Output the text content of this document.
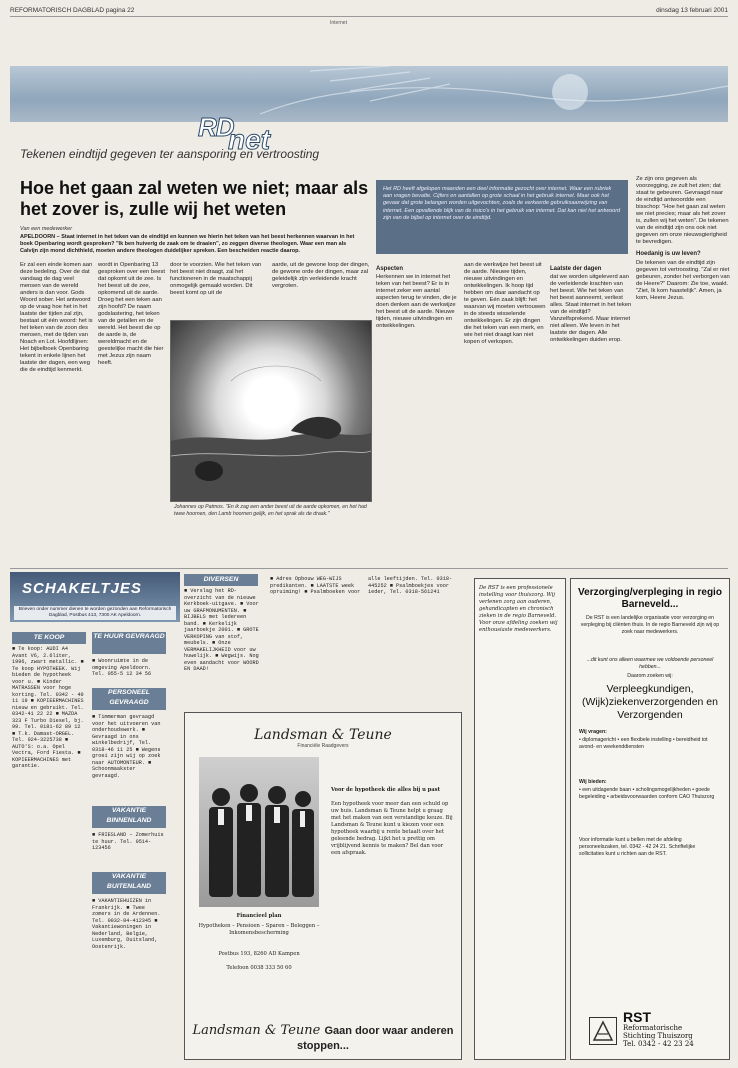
REFORMATORISCH DAGBLAD pagina 22	dinsdag 13 februari 2001
Internet
RD
net
Tekenen eindtijd gegeven ter aansporing en vertroosting
Hoe het gaan zal weten we niet; maar als het zover is, zulle wij het weten
Van een medewerker
APELDOORN – Staat internet in het teken van de eindtijd en kunnen we hierin het teken van het beest herkennen waarvan in het boek Openbaring wordt gesproken? "Ik ben huiverig de zaak om te draaien", zo zeggen diverse theologen. Waar een man als Calvijn zijn mond dichthield, moeten andere theologen duidelijker spreken. Een bescheiden reactie daarop.
Het RD heeft afgelopen maanden een deel informatie gezocht over internet. Waar een rubriek aan vragen bevatte. Cijfers en aantallen op grote schaal in het gebruik internet. Maar ook het gevaar dat grote belangen worden uitgevochten, zoals de verkeerde gebruiksaanwijzing van internet. Een opvallende blijk van de risico's in het gebruik van internet. Dat kan niet het antwoord zijn van de bijbel op internet over de eindtijd.
Ze zijn ons gegeven als voorzegging, ze zult het zien; dat staat te gebeuren. Gevraagd naar de eindtijd antwoordde een bisschop: "Hoe het gaan zal weten we niet precies; maar als het zover is, zullen wij het weten". De tekenen van de eindtijd zijn ons ook niet gegeven om onze nieuwsgierigheid te bevredigen.
Hoedanig is uw leven?
De tekenen van de eindtijd zijn gegeven tot vertroosting. "Zal er niet gebeuren, zonder het verborgen van de Heere?" Daarom: Zie toe, waakt. "Ziet, Ik kom haastelijk". Amen, ja kom, Heere Jezus.
Er zal een einde komen aan deze bedeling. Over de dat vandaag de dag veel mensen van de wereld anders is dan voor. Gods Woord sober. Het antwoord op de vraag hoe het in het laatste der tijden zal zijn, bestaat uit één woord: het is het teken van de zoon des mensen, met de tijden van Noach en Lot. Hoofdlijnen: Het bijbelboek Openbaring tekent in enkele lijnen het laatste der dagen, een weg die de eindtijd kenmerkt.
wordt in Openbaring 13 gesproken over een beest dat opkomt uit de zee. Is het beest uit de zee, opkomend uit de aarde. Droeg het een teken aan zijn hoofd? De naam godslastering, het teken van de getallen en de wereld. Het beest die op de aarde is, de wereldmacht en de geestelijke macht die hier met Jezus zijn naam heeft.
door te voorzien. Wie het teken van het beest niet draagt, zal het functioneren in de maatschappij onmogelijk gemaakt worden. Dit beest komt op uit de
aarde, uit de gewone loop der dingen, de gewone orde der dingen, maar zal geleidelijk zijn verleidende kracht vergroten.
Aspecten
Herkennen we in internet het teken van het beest? Er is in internet zeker een aantal aspecten terug te vinden, die je doen denken aan de werkwijze het beest uit de aarde. Nieuwe tijden, nieuwe uitvindingen en ontwikkelingen.
aan de werkwijze het beest uit de aarde. Nieuwe tijden, nieuwe uitvindingen en ontwikkelingen. Ik hoop tijd hebben om daar aandacht op te geven. Eén zaak blijft: het waarvan wij moeten vertrouwen in de steeds wisselende ontwikkelingen. Er zijn dingen die het teken van een merk, en wie het niet draagt kan niet kopen of verkopen.
Laatste der dagen
dat we worden uitgeleverd aan de verleidende krachten van het beest. Wie het teken van het beest aanneemt, verliest alles. Staat internet in het teken van de eindtijd? Vanzelfsprekend. Maar internet niet alleen. We leven in het laatste der dagen. Alle ontwikkelingen duiden erop.
Johannes op Patmos. "En ik zag een ander beest uit de aarde opkomen, en het had twee hoornen, den Lamb hoornen gelijk, en het sprak als de draak."
SCHAKELTJES
Brieven onder nummer dienen te worden gezonden aan Reformatorisch Dagblad, Postbus 413, 7300 AK Apeldoorn.
TE KOOP
■ Te koop: AUDI A4 Avant V6, 2.6liter, 1996, zwart metallic. ■ Te koop HYPOTHEEK. Wij bieden de hypotheek voor u. ■ Kinder MATRASSEN voor hoge korting. Tel. 0342 - 40 11 19 ■ KOPIEERMACHINES nieuw en gebruikt. Tel. 0342-41 22 22 ■ MAZDA 323 F Turbo Diesel, bj. 99. Tel. 0181-62 89 12 ■ T.k. Damast-ORGEL. Tel. 024-3225738 ■ AUTO'S: o.a. Opel Vectra, Ford Fiesta. ■ KOPIEERMACHINES met garantie.
TE HUUR GEVRAAGD
■ Woonruimte in de omgeving Apeldoorn. Tel. 055-5 12 34 56
PERSONEEL GEVRAAGD
■ Timmerman gevraagd voor het uitvoeren van onderhoudswerk. ■ Gevraagd in ons winkelbedrijf, Tel. 0318-46 11 25 ■ Wegens groei zijn wij op zoek naar AUTOMONTEUR. ■ Schoonmaakster gevraagd.
VAKANTIE BINNENLAND
■ FRIESLAND – Zomerhuis te huur. Tel. 0514-123456
VAKANTIE BUITENLAND
■ VAKANTIEHUIZEN in Frankrijk. ■ Twee zomers in de Ardennen. Tel. 0032-84-412345 ■ Vakantiewoningen in Nederland, Belgie, Luxemburg, Duitsland, Oostenrijk.
DIVERSEN
■ Verslag het RD-overzicht van de nieuwe Kerkboek-uitgave. ■ Voor uw GRAFMONUMENTEN. ■ BIJBELS met ledereen band. ■ Kerkelijk jaarboekje 2001. ■ GROTE VERKOPING van stof, meubels. ■ Onze VERMAKELIJKHEID voor uw huwelijk. ■ Wegwijs. Nog even aandacht voor WOORD EN DAAD!
■ Adres Opbouw WEG-WIJS predikanten. ■ LAATSTE week opruiming! ■ Psalmboeken voor alle leeftijden. Tel. 0318-445252 ■ Psalmboekjes voor ieder, Tel. 0318-561241
Landsman & Teune
Financiële Raadgevers
Financieel plan
Hypotheken – Pensioen – Sparen – Beleggen – Inkomensbescherming
Postbus 193, 8260 AD Kampen
Telefoon 0038 333 50 60
Voor de hypotheek die alles bij u past
Een hypotheek voor meer dan een schuld op uw huis. Landsman & Teune helpt u graag met het maken van een verstandige keuze. Bij Landsman & Teune kunt u kiezen voor een hypotheek waarbij u rente betaalt over het geleende bedrag. Lijkt het u prettig om vrijblijvend kennis te maken? Bel dan voor een afspraak.
Landsman & Teune Gaan door waar anderen stoppen...
De RST is een professionele instelling voor thuiszorg. Wij verlenen zorg aan ouderen, gehandicapten en chronisch zieken in de regio Barneveld. Voor onze afdeling zoeken wij enthousiaste medewerkers.
Verzorging/verpleging in regio Barneveld...
De RST is een landelijke organisatie voor verzorging en verpleging bij cliënten thuis. In de regio Barneveld zijn wij op zoek naar medewerkers.
...dit kunt ons alleen waarmee we voldoende personeel hebben...
Daarom zoeken wij:
Verpleegkundigen, (Wijk)ziekenverzorgenden en Verzorgenden
Wij vragen:
• diplomagericht • een flexibele instelling • bereidheid tot avond- en weekenddiensten
Wij bieden:
• een uitdagende baan • scholingsmogelijkheden • goede begeleiding • arbeidsvoorwaarden conform CAO Thuiszorg
Voor informatie kunt u bellen met de afdeling personeelszaken, tel. 0342 - 42 24 21. Schriftelijke sollicitaties kunt u richten aan de RST.
RST
Reformatorische
Stichting Thuiszorg
Tel. 0342 - 42 23 24
